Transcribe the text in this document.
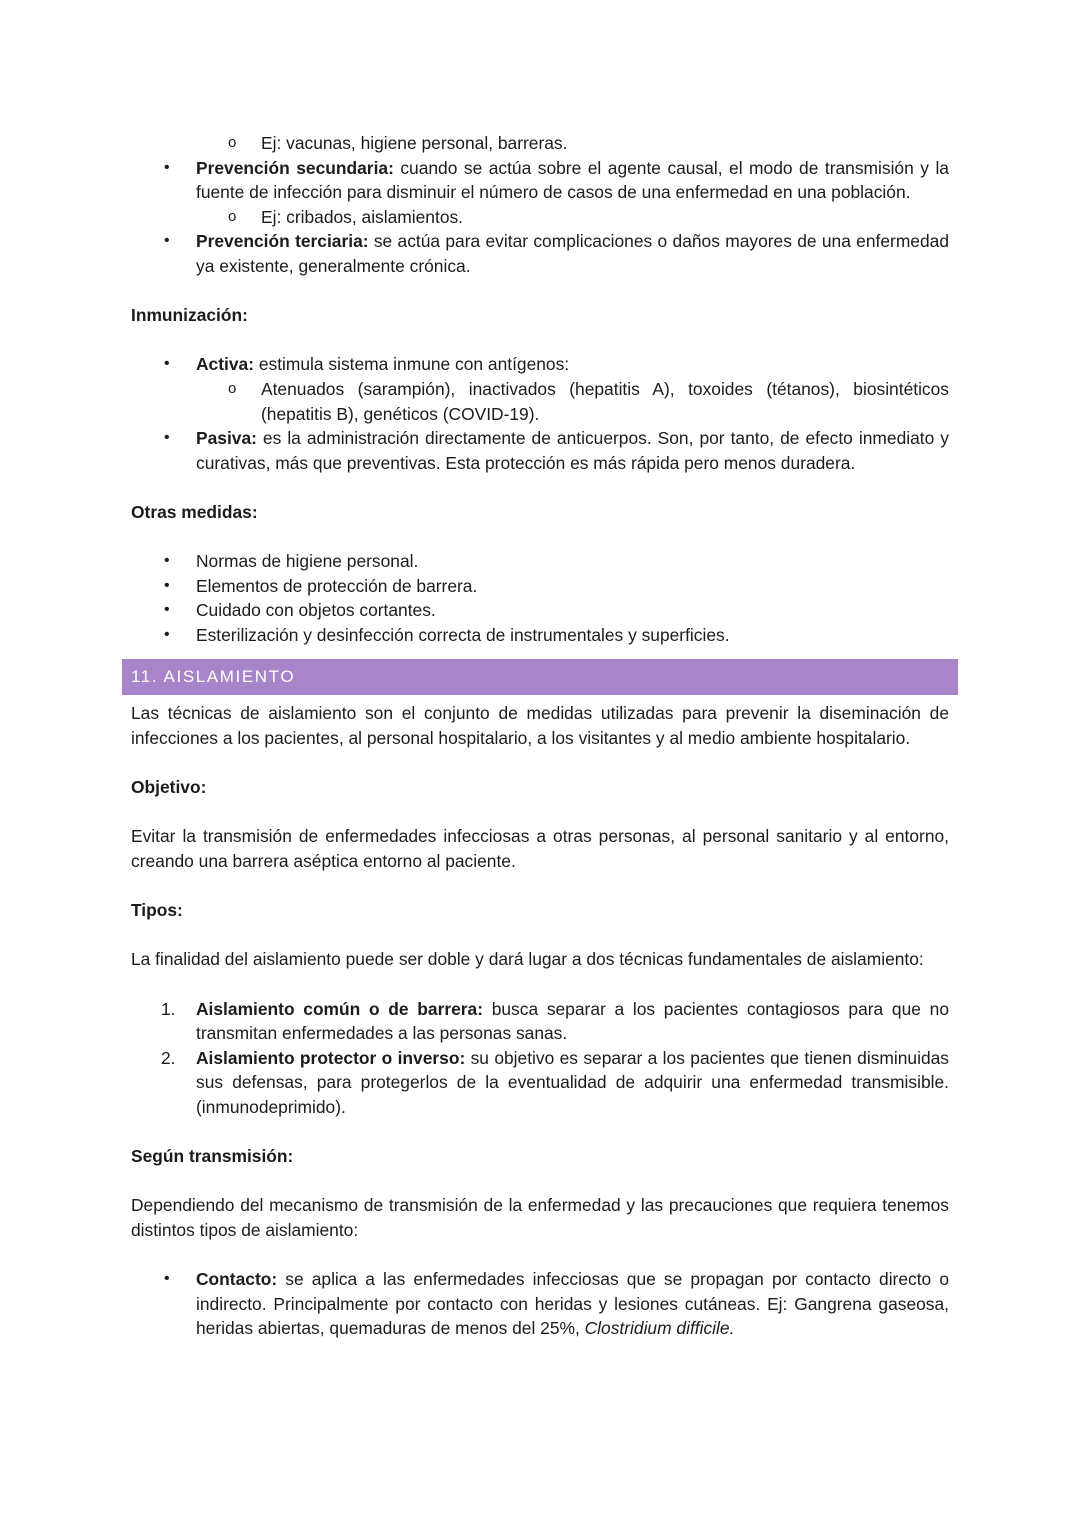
o Ej: vacunas, higiene personal, barreras.

• Prevención secundaria: cuando se actúa sobre el agente causal, el modo de transmisión y la fuente de infección para disminuir el número de casos de una enfermedad en una población.

o Ej: cribados, aislamientos.

• Prevención terciaria: se actúa para evitar complicaciones o daños mayores de una enfermedad ya existente, generalmente crónica.

Inmunización:

• Activa: estimula sistema inmune con antígenos:

o Atenuados (sarampión), inactivados (hepatitis A), toxoides (tétanos), biosintéticos (hepatitis B), genéticos (COVID-19).

• Pasiva: es la administración directamente de anticuerpos. Son, por tanto, de efecto inmediato y curativas, más que preventivas. Esta protección es más rápida pero menos duradera.

Otras medidas:

• Normas de higiene personal.

• Elementos de protección de barrera.

• Cuidado con objetos cortantes.

• Esterilización y desinfección correcta de instrumentales y superficies.

11. AISLAMIENTO

Las técnicas de aislamiento son el conjunto de medidas utilizadas para prevenir la diseminación de infecciones a los pacientes, al personal hospitalario, a los visitantes y al medio ambiente hospitalario.

Objetivo:

Evitar la transmisión de enfermedades infecciosas a otras personas, al personal sanitario y al entorno, creando una barrera aséptica entorno al paciente.

Tipos:

La finalidad del aislamiento puede ser doble y dará lugar a dos técnicas fundamentales de aislamiento:

1. Aislamiento común o de barrera: busca separar a los pacientes contagiosos para que no transmitan enfermedades a las personas sanas.

2. Aislamiento protector o inverso: su objetivo es separar a los pacientes que tienen disminuidas sus defensas, para protegerlos de la eventualidad de adquirir una enfermedad transmisible. (inmunodeprimido).

Según transmisión:

Dependiendo del mecanismo de transmisión de la enfermedad y las precauciones que requiera tenemos distintos tipos de aislamiento:

• Contacto: se aplica a las enfermedades infecciosas que se propagan por contacto directo o indirecto. Principalmente por contacto con heridas y lesiones cutáneas. Ej: Gangrena gaseosa, heridas abiertas, quemaduras de menos del 25%, Clostridium difficile.
